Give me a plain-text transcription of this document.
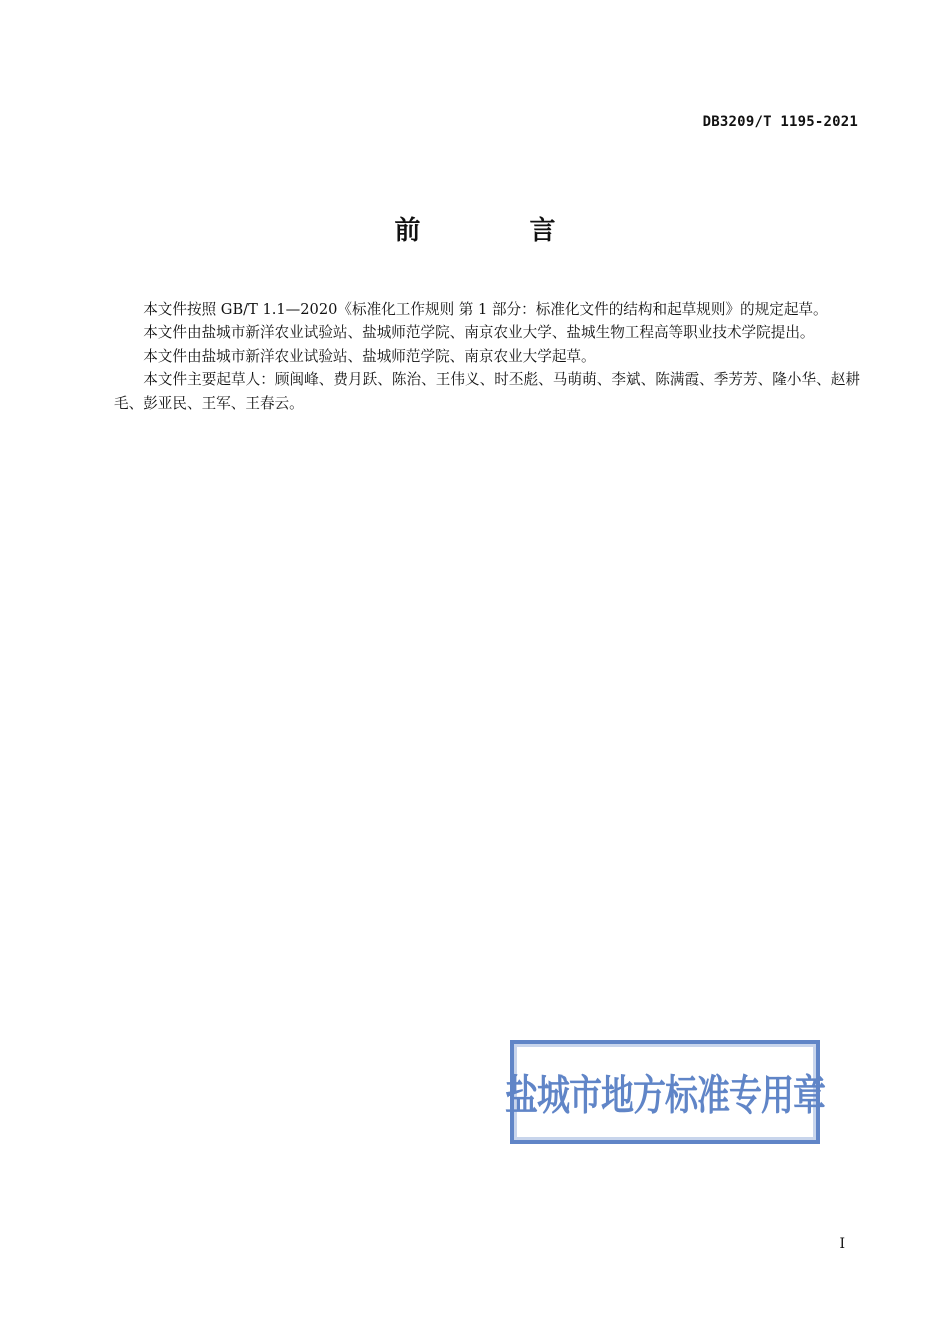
DB3209/T 1195-2021
前 言

本文件按照 GB/T 1.1—2020《标准化工作规则 第 1 部分：标准化文件的结构和起草规则》的规定起草。

本文件由盐城市新洋农业试验站、盐城师范学院、南京农业大学、盐城生物工程高等职业技术学院提出。

本文件由盐城市新洋农业试验站、盐城师范学院、南京农业大学起草。

本文件主要起草人：顾闽峰、费月跃、陈治、王伟义、时丕彪、马萌萌、李斌、陈满霞、季芳芳、隆小华、赵耕毛、彭亚民、王军、王春云。

盐城市地方标准专用章
I
